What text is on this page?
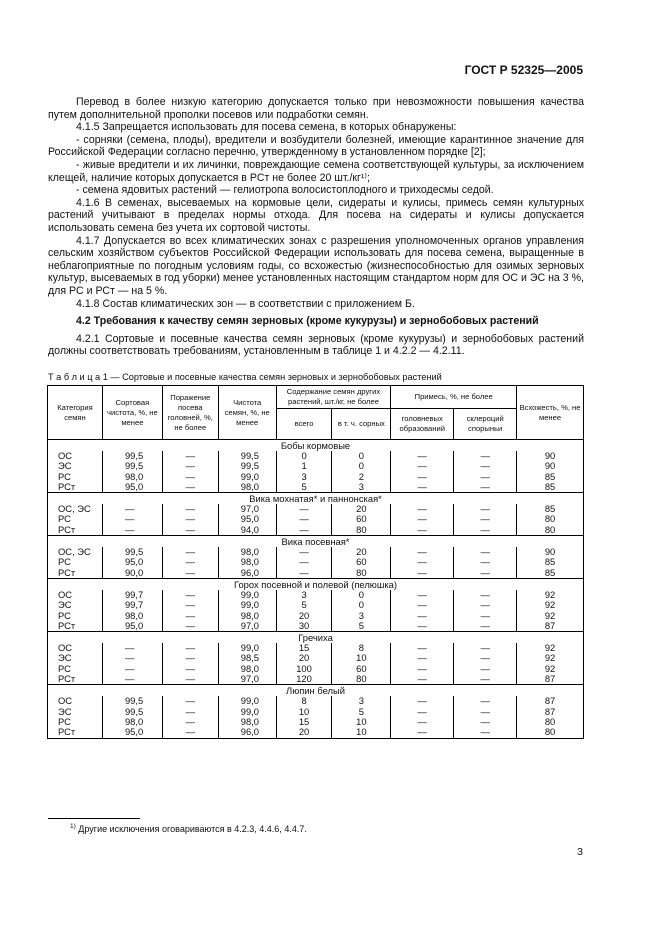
ГОСТ Р 52325—2005

Перевод в более низкую категорию допускается только при невозможности повышения качества путем дополнительной прополки посевов или подработки семян.

4.1.5 Запрещается использовать для посева семена, в которых обнаружены:

- сорняки (семена, плоды), вредители и возбудители болезней, имеющие карантинное значение для Российской Федерации согласно перечню, утвержденному в установленном порядке [2];

- живые вредители и их личинки, повреждающие семена соответствующей культуры, за исключением клещей, наличие которых допускается в РСт не более 20 шт./кг¹⁾;

- семена ядовитых растений — гелиотропа волосистоплодного и триходесмы седой.

4.1.6 В семенах, высеваемых на кормовые цели, сидераты и кулисы, примесь семян культурных растений учитывают в пределах нормы отхода. Для посева на сидераты и кулисы допускается использовать семена без учета их сортовой чистоты.

4.1.7 Допускается во всех климатических зонах с разрешения уполномоченных органов управления сельским хозяйством субъектов Российской Федерации использовать для посева семена, выращенные в неблагоприятные по погодным условиям годы, со всхожестью (жизнеспособностью для озимых зерновых культур, высеваемых в год уборки) менее установленных настоящим стандартом норм для ОС и ЭС на 3 %, для РС и РСт — на 5 %.

4.1.8 Состав климатических зон — в соответствии с приложением Б.

4.2 Требования к качеству семян зерновых (кроме кукурузы) и зернобобовых растений

4.2.1 Сортовые и посевные качества семян зерновых (кроме кукурузы) и зернобобовых растений должны соответствовать требованиям, установленным в таблице 1 и 4.2.2 — 4.2.11.

Т а б л и ц а 1 — Сортовые и посевные качества семян зерновых и зернобобовых растений
Категория семян	Сортовая чистота, %, не менее	Поражение посева головней, %, не более	Чистота семян, %, не менее	Содержание семян других растений, шт./кг, не более		Примесь, %, не более		Всхожесть, %, не менее
				всего	в т. ч. сорных	головневых образований	склероций спорыньи	
Бобы кормовые								
ОС	99,5	—	99,5	0	0	—	—	90
ЭС	99,5	—	99,5	1	0	—	—	90
РС	98,0	—	99,0	3	2	—	—	85
РСт	95,0	—	98,0	5	3	—	—	85
Вика мохнатая* и паннонская*								
ОС, ЭС	—	—	97,0	—	20	—	—	85
РС	—	—	95,0	—	60	—	—	80
РСт	—	—	94,0	—	80	—	—	80
Вика посевная*								
ОС, ЭС	99,5	—	98,0	—	20	—	—	90
РС	95,0	—	98,0	—	60	—	—	85
РСт	90,0	—	96,0	—	80	—	—	85
Горох посевной и полевой (пелюшка)								
ОС	99,7	—	99,0	3	0	—	—	92
ЭС	99,7	—	99,0	5	0	—	—	92
РС	98,0	—	98,0	20	3	—	—	92
РСт	95,0	—	97,0	30	5	—	—	87
Гречиха								
ОС	—	—	99,0	15	8	—	—	92
ЭС	—	—	98,5	20	10	—	—	92
РС	—	—	98,0	100	60	—	—	92
РСт	—	—	97,0	120	80	—	—	87
Люпин белый								
ОС	99,5	—	99,0	8	3	—	—	87
ЭС	99,5	—	99,0	10	5	—	—	87
РС	98,0	—	98,0	15	10	—	—	80
РСт	95,0	—	96,0	20	10	—	—	80
$^{1)}$ Другие исключения оговариваются в 4.2.3, 4.4.6, 4.4.7.
3
